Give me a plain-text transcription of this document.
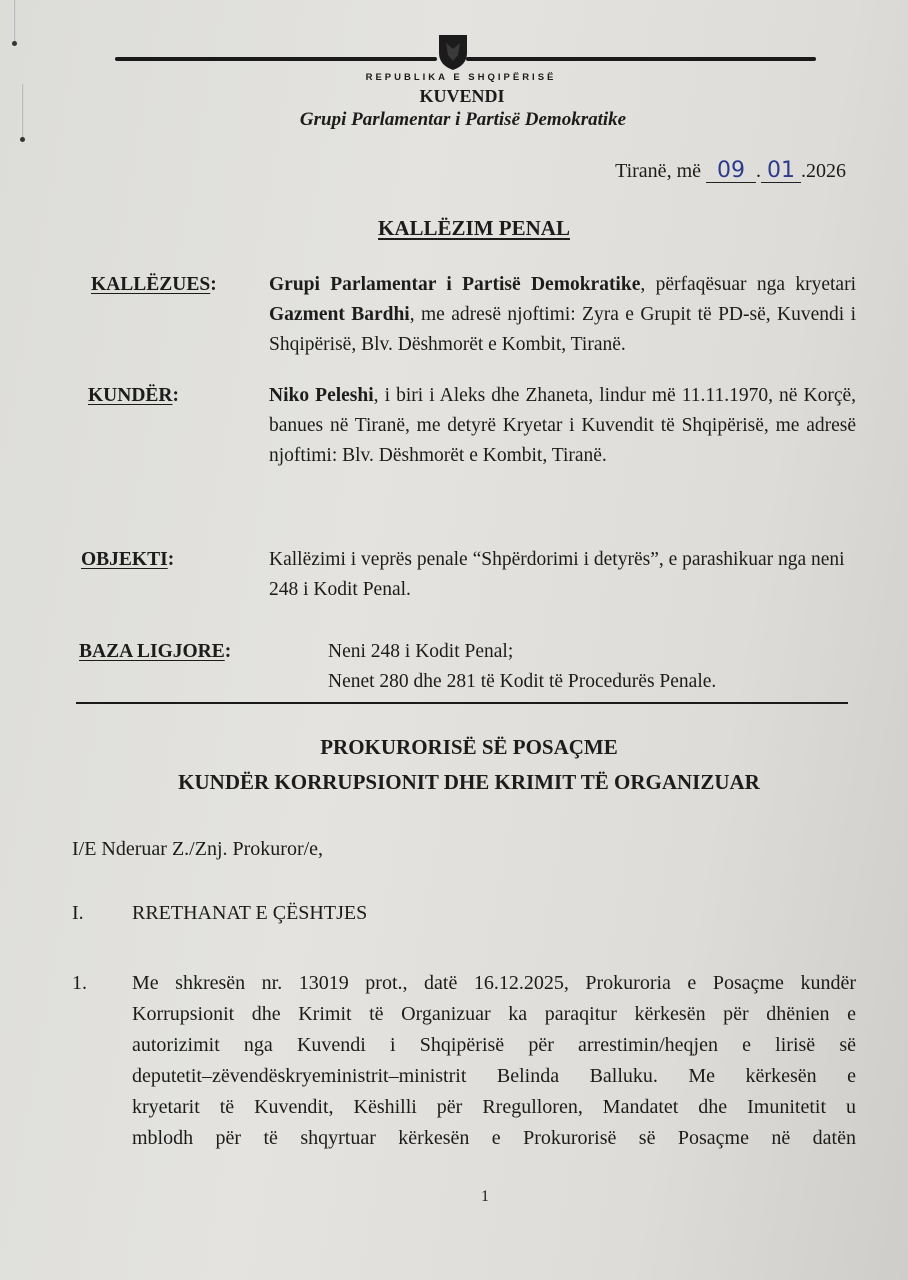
REPUBLIKA E SHQIPËRISË
KUVENDI
Grupi Parlamentar i Partisë Demokratike
Tiranë, më 09 . 01 .2026
KALLËZIM PENAL
KALLËZUES:	Grupi Parlamentar i Partisë Demokratike, përfaqësuar nga kryetari Gazment Bardhi, me adresë njoftimi: Zyra e Grupit të PD-së, Kuvendi i Shqipërisë, Blv. Dëshmorët e Kombit, Tiranë.
KUNDËR:	Niko Peleshi, i biri i Aleks dhe Zhaneta, lindur më 11.11.1970, në Korçë, banues në Tiranë, me detyrë Kryetar i Kuvendit të Shqipërisë, me adresë njoftimi: Blv. Dëshmorët e Kombit, Tiranë.
OBJEKTI:	Kallëzimi i veprës penale “Shpërdorimi i detyrës”, e parashikuar nga neni 248 i Kodit Penal.
BAZA LIGJORE:	Neni 248 i Kodit Penal;
Nenet 280 dhe 281 të Kodit të Procedurës Penale.
PROKURORISË SË POSAÇME
KUNDËR KORRUPSIONIT DHE KRIMIT TË ORGANIZUAR
I/E Nderuar Z./Znj. Prokuror/e,
I. RRETHANAT E ÇËSHTJES
1. Me shkresën nr. 13019 prot., datë 16.12.2025, Prokuroria e Posaçme kundër
Korrupsionit dhe Krimit të Organizuar ka paraqitur kërkesën për dhënien e
autorizimit nga Kuvendi i Shqipërisë për arrestimin/heqjen e lirisë së
deputetit–zëvendëskryeministrit–ministrit Belinda Balluku. Me kërkesën e
kryetarit të Kuvendit, Këshilli për Rregulloren, Mandatet dhe Imunitetit u
mblodh për të shqyrtuar kërkesën e Prokurorisë së Posaçme në datën
1
